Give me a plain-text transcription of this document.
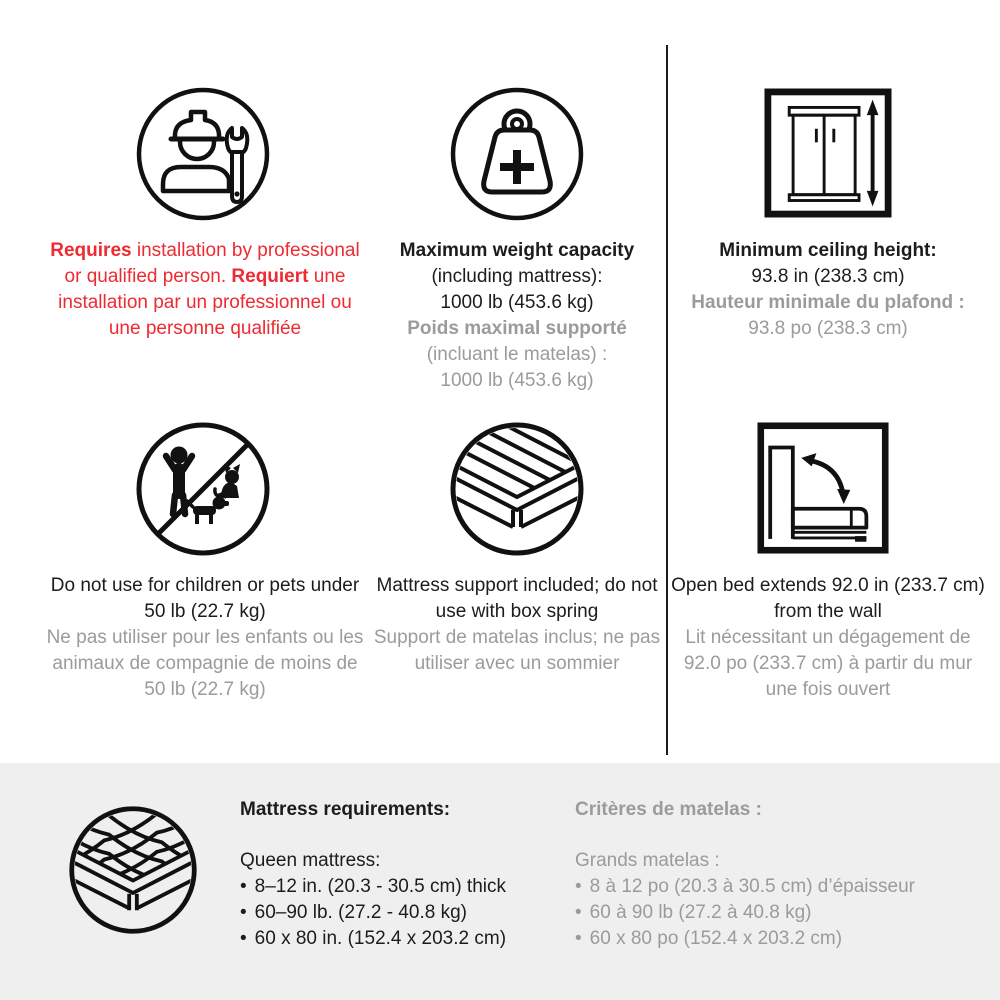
Requires installation by professional or qualified person. Requiert une installation par un professionnel ou une personne qualifiée
Maximum weight capacity
(including mattress):
1000 lb (453.6 kg)
Poids maximal supporté
(incluant le matelas) :
1000 lb (453.6 kg)
Minimum ceiling height:
93.8 in (238.3 cm)
Hauteur minimale du plafond :
93.8 po (238.3 cm)
Do not use for children or pets under 50 lb (22.7 kg)
Ne pas utiliser pour les enfants ou les animaux de compagnie de moins de 50 lb (22.7 kg)
Mattress support included; do not use with box spring
Support de matelas inclus; ne pas utiliser avec un sommier
Open bed extends 92.0 in (233.7 cm) from the wall
Lit nécessitant un dégagement de 92.0 po (233.7 cm) à partir du mur une fois ouvert
Mattress requirements:
Queen mattress:
• 8–12 in. (20.3 - 30.5 cm) thick
• 60–90 lb. (27.2 - 40.8 kg)
• 60 x 80 in. (152.4 x 203.2 cm)
Critères de matelas :
Grands matelas :
• 8 à 12 po (20.3 à 30.5 cm) d’épaisseur
• 60 à 90 lb (27.2 à 40.8 kg)
• 60 x 80 po (152.4 x 203.2 cm)
